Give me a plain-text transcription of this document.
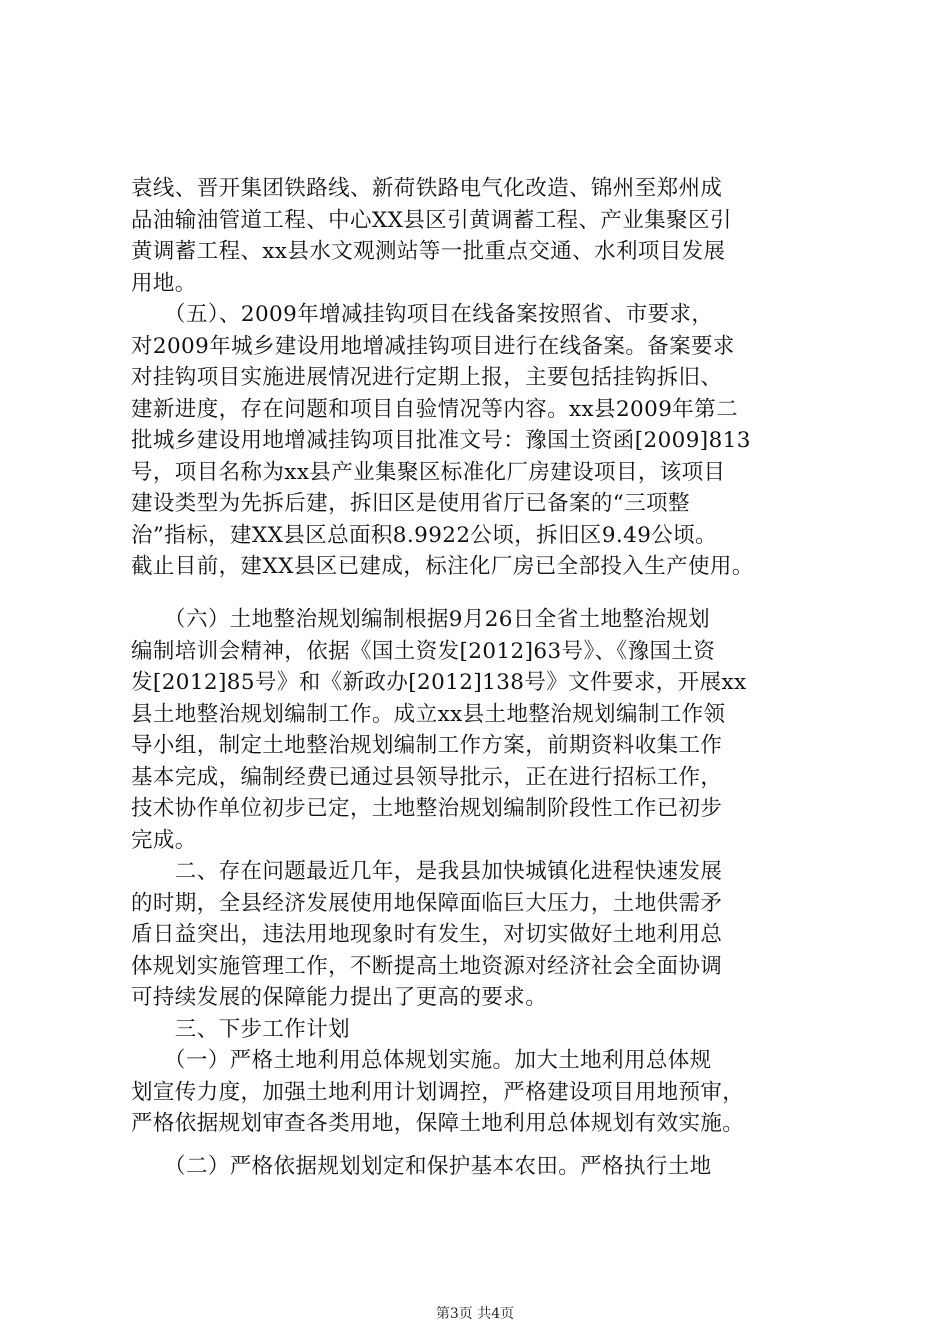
袁线、晋开集团铁路线、新荷铁路电气化改造、锦州至郑州成
品油输油管道工程、中心XX县区引黄调蓄工程、产业集聚区引
黄调蓄工程、xx县水文观测站等一批重点交通、水利项目发展
用地。
　　（五）、2009年增减挂钩项目在线备案按照省、市要求，
对2009年城乡建设用地增减挂钩项目进行在线备案。备案要求
对挂钩项目实施进展情况进行定期上报，主要包括挂钩拆旧、
建新进度，存在问题和项目自验情况等内容。xx县2009年第二
批城乡建设用地增减挂钩项目批准文号：豫国土资函[2009]813
号，项目名称为xx县产业集聚区标准化厂房建设项目，该项目
建设类型为先拆后建，拆旧区是使用省厅已备案的“三项整
治”指标，建XX县区总面积8.9922公顷，拆旧区9.49公顷。
截止目前，建XX县区已建成，标注化厂房已全部投入生产使用。
　　（六）土地整治规划编制根据9月26日全省土地整治规划
编制培训会精神，依据《国土资发[2012]63号》、《豫国土资
发[2012]85号》和《新政办[2012]138号》文件要求，开展xx
县土地整治规划编制工作。成立xx县土地整治规划编制工作领
导小组，制定土地整治规划编制工作方案，前期资料收集工作
基本完成，编制经费已通过县领导批示，正在进行招标工作，
技术协作单位初步已定，土地整治规划编制阶段性工作已初步
完成。
　　二、存在问题最近几年，是我县加快城镇化进程快速发展
的时期，全县经济发展使用地保障面临巨大压力，土地供需矛
盾日益突出，违法用地现象时有发生，对切实做好土地利用总
体规划实施管理工作，不断提高土地资源对经济社会全面协调
可持续发展的保障能力提出了更高的要求。
　　三、下步工作计划
　　（一）严格土地利用总体规划实施。加大土地利用总体规
划宣传力度，加强土地利用计划调控，严格建设项目用地预审，
严格依据规划审查各类用地，保障土地利用总体规划有效实施。
　　（二）严格依据规划划定和保护基本农田。严格执行土地
第3页 共4页
